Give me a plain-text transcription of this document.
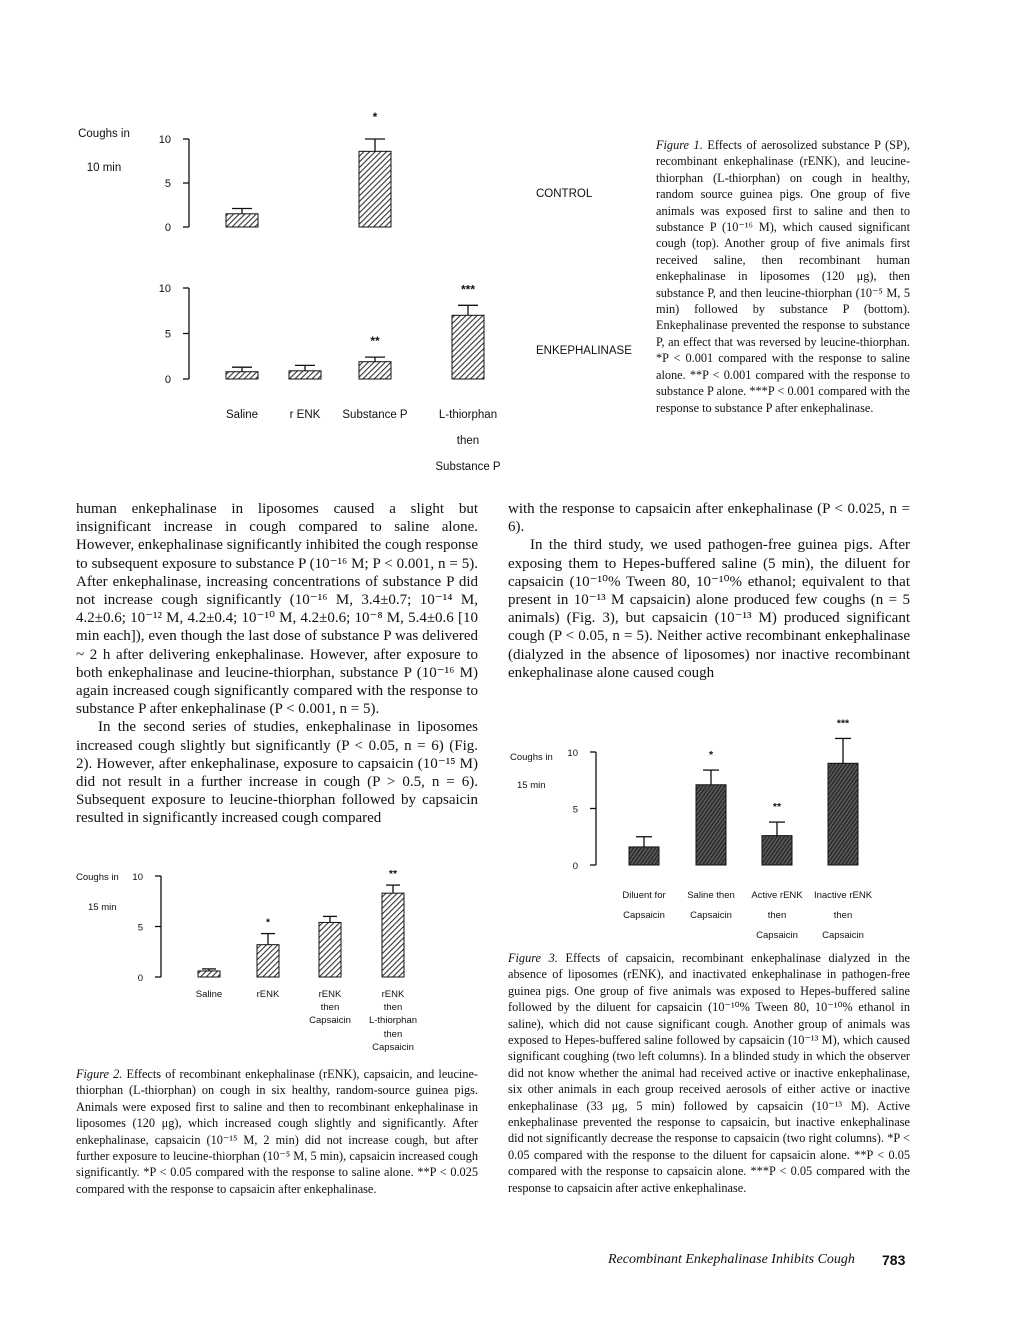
Coughs in
10 min
0
5
10
*
0
5
10
**
***
CONTROL
ENKEPHALINASE
Saline	r ENK	Substance P	L-thiorphan
then
Substance P
Figure 1. Effects of aerosolized substance P (SP), recombinant enkephalinase (rENK), and leucine-thiorphan (L-thiorphan) on cough in healthy, random source guinea pigs. One group of five animals was exposed first to saline and then to substance P (10⁻¹⁶ M), which caused significant cough (top). Another group of five animals first received saline, then recombinant human enkephalinase in liposomes (120 μg), then substance P, and then leucine-thiorphan (10⁻⁵ M, 5 min) followed by substance P (bottom). Enkephalinase prevented the response to substance P, an effect that was reversed by leucine-thiorphan. *P < 0.001 compared with the response to saline alone. **P < 0.001 compared with the response to substance P alone. ***P < 0.001 compared with the response to substance P after enkephalinase.

human enkephalinase in liposomes caused a slight but insignificant increase in cough compared to saline alone. However, enkephalinase significantly inhibited the cough response to subsequent exposure to substance P (10⁻¹⁶ M; P < 0.001, n = 5). After enkephalinase, increasing concentrations of substance P did not increase cough significantly (10⁻¹⁶ M, 3.4±0.7; 10⁻¹⁴ M, 4.2±0.6; 10⁻¹² M, 4.2±0.4; 10⁻¹⁰ M, 4.2±0.6; 10⁻⁸ M, 5.4±0.6 [10 min each]), even though the last dose of substance P was delivered ~ 2 h after delivering enkephalinase. However, after exposure to both enkephalinase and leucine-thiorphan, substance P (10⁻¹⁶ M) again increased cough significantly compared with the response to substance P after enkephalinase (P < 0.001, n = 5).

In the second series of studies, enkephalinase in liposomes increased cough slightly but significantly (P < 0.05, n = 6) (Fig. 2). However, after enkephalinase, exposure to capsaicin (10⁻¹⁵ M) did not result in a further increase in cough (P > 0.5, n = 6). Subsequent exposure to leucine-thiorphan followed by capsaicin resulted in significantly increased cough compared

with the response to capsaicin after enkephalinase (P < 0.025, n = 6).

In the third study, we used pathogen-free guinea pigs. After exposing them to Hepes-buffered saline (5 min), the diluent for capsaicin (10⁻¹⁰% Tween 80, 10⁻¹⁰% ethanol; equivalent to that present in 10⁻¹³ M capsaicin) alone produced few coughs (n = 5 animals) (Fig. 3), but capsaicin (10⁻¹³ M) produced significant cough (P < 0.05, n = 5). Neither active recombinant enkephalinase (dialyzed in the absence of liposomes) nor inactive recombinant enkephalinase alone caused cough

Coughs in
15 min
0
5
10
*
**
Saline	rENK	rENK
then
Capsaicin
rENK
then
L-thiorphan
then
Capsaicin
Figure 2. Effects of recombinant enkephalinase (rENK), capsaicin, and leucine-thiorphan (L-thiorphan) on cough in six healthy, random-source guinea pigs. Animals were exposed first to saline and then to recombinant enkephalinase in liposomes (120 μg), which increased cough slightly and significantly. After enkephalinase, capsaicin (10⁻¹⁵ M, 2 min) did not increase cough, but after further exposure to leucine-thiorphan (10⁻⁵ M, 5 min), capsaicin increased cough significantly. *P < 0.05 compared with the response to saline alone. **P < 0.025 compared with the response to capsaicin after enkephalinase.
Coughs in
15 min
0
5
10	*
**
***
Diluent for
Capsaicin
Saline then
Capsaicin
Active rENK
then
Capsaicin
Inactive rENK
then
Capsaicin
Figure 3. Effects of capsaicin, recombinant enkephalinase dialyzed in the absence of liposomes (rENK), and inactivated enkephalinase in pathogen-free guinea pigs. One group of five animals was exposed to Hepes-buffered saline followed by the diluent for capsaicin (10⁻¹⁰% Tween 80, 10⁻¹⁰% ethanol in saline), which did not cause significant cough. Another group of animals was exposed to Hepes-buffered saline followed by capsaicin (10⁻¹³ M), which caused significant coughing (two left columns). In a blinded study in which the observer did not know whether the animal had received active or inactive enkephalinase, six other animals in each group received aerosols of either active or inactive enkephalinase (33 μg, 5 min) followed by capsaicin (10⁻¹³ M). Active enkephalinase prevented the response to capsaicin, but inactive enkephalinase did not significantly decrease the response to capsaicin (two right columns). *P < 0.05 compared with the response to the diluent for capsaicin alone. **P < 0.05 compared with the response to capsaicin alone. ***P < 0.05 compared with the response to capsaicin after active enkephalinase.
Recombinant Enkephalinase Inhibits Cough 783
